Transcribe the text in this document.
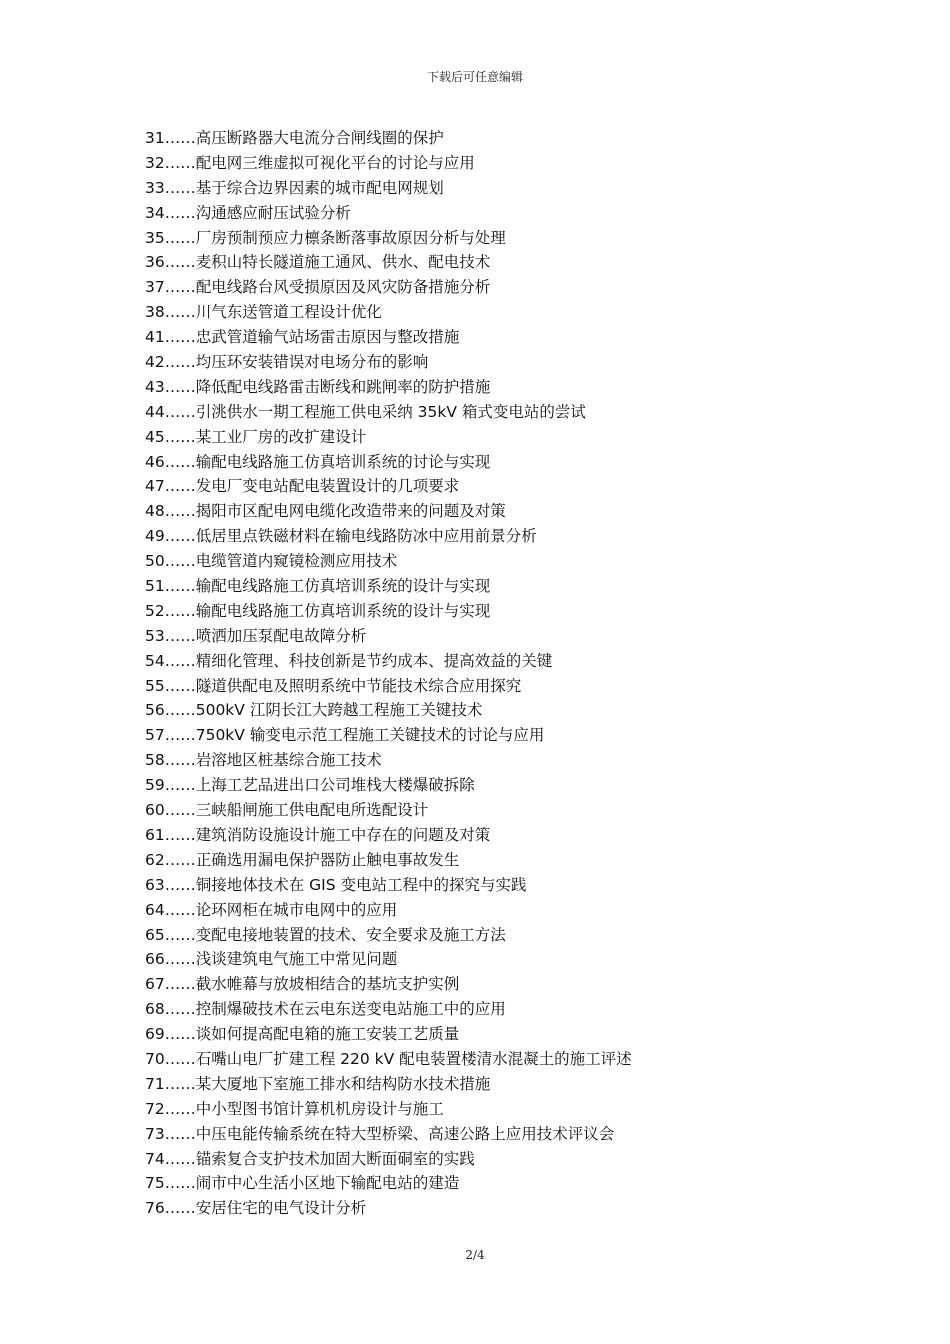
下载后可任意编辑
31……高压断路器大电流分合闸线圈的保护
32……配电网三维虚拟可视化平台的讨论与应用
33……基于综合边界因素的城市配电网规划
34……沟通感应耐压试验分析
35……厂房预制预应力檩条断落事故原因分析与处理
36……麦积山特长隧道施工通风、供水、配电技术
37……配电线路台风受损原因及风灾防备措施分析
38……川气东送管道工程设计优化
41……忠武管道输气站场雷击原因与整改措施
42……均压环安装错误对电场分布的影响
43……降低配电线路雷击断线和跳闸率的防护措施
44……引洮供水一期工程施工供电采纳 35kV 箱式变电站的尝试
45……某工业厂房的改扩建设计
46……输配电线路施工仿真培训系统的讨论与实现
47……发电厂变电站配电装置设计的几项要求
48……揭阳市区配电网电缆化改造带来的问题及对策
49……低居里点铁磁材料在输电线路防冰中应用前景分析
50……电缆管道内窥镜检测应用技术
51……输配电线路施工仿真培训系统的设计与实现
52……输配电线路施工仿真培训系统的设计与实现
53……喷洒加压泵配电故障分析
54……精细化管理、科技创新是节约成本、提高效益的关键
55……隧道供配电及照明系统中节能技术综合应用探究
56……500kV 江阴长江大跨越工程施工关键技术
57……750kV 输变电示范工程施工关键技术的讨论与应用
58……岩溶地区桩基综合施工技术
59……上海工艺品进出口公司堆栈大楼爆破拆除
60……三峡船闸施工供电配电所选配设计
61……建筑消防设施设计施工中存在的问题及对策
62……正确选用漏电保护器防止触电事故发生
63……铜接地体技术在 GIS 变电站工程中的探究与实践
64……论环网柜在城市电网中的应用
65……变配电接地装置的技术、安全要求及施工方法
66……浅谈建筑电气施工中常见问题
67……截水帷幕与放坡相结合的基坑支护实例
68……控制爆破技术在云电东送变电站施工中的应用
69……谈如何提高配电箱的施工安装工艺质量
70……石嘴山电厂扩建工程 220 kV 配电装置楼清水混凝土的施工评述
71……某大厦地下室施工排水和结构防水技术措施
72……中小型图书馆计算机机房设计与施工
73……中压电能传输系统在特大型桥梁、高速公路上应用技术评议会
74……锚索复合支护技术加固大断面硐室的实践
75……闹市中心生活小区地下输配电站的建造
76……安居住宅的电气设计分析
2/4
